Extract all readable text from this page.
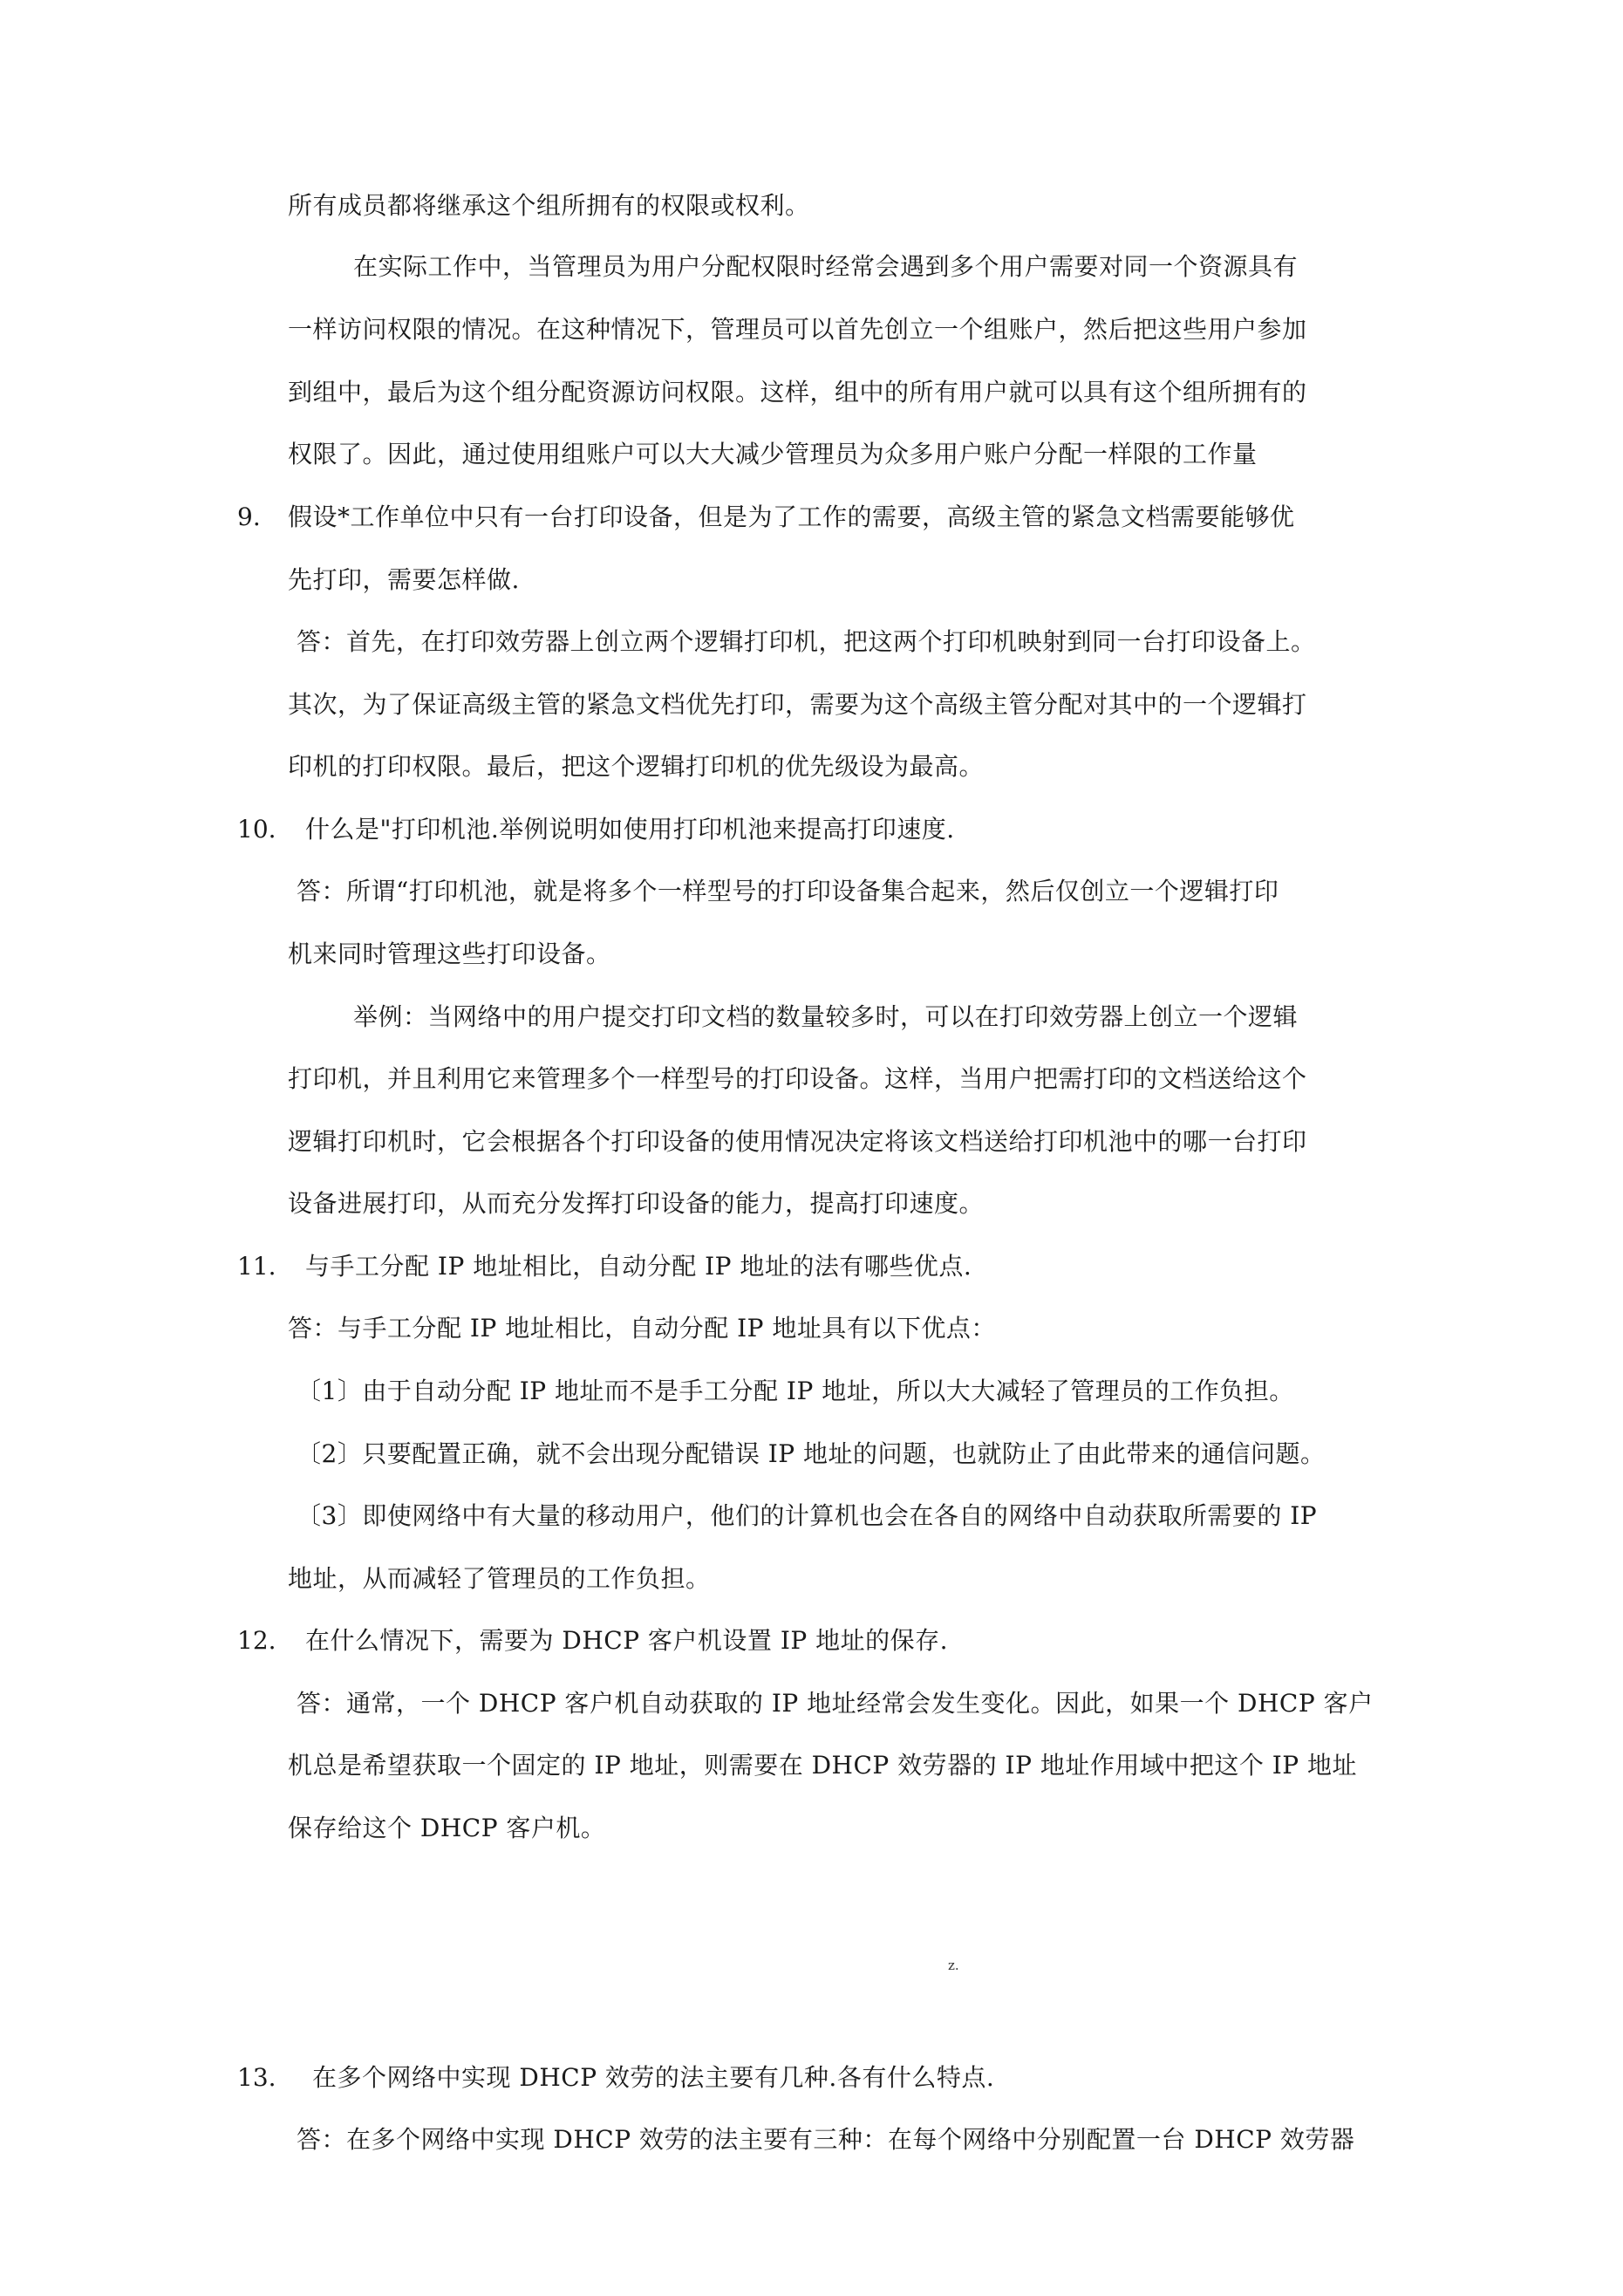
所有成员都将继承这个组所拥有的权限或权利。
在实际工作中，当管理员为用户分配权限时经常会遇到多个用户需要对同一个资源具有
一样访问权限的情况。在这种情况下，管理员可以首先创立一个组账户，然后把这些用户参加
到组中，最后为这个组分配资源访问权限。这样，组中的所有用户就可以具有这个组所拥有的
权限了。因此，通过使用组账户可以大大减少管理员为众多用户账户分配一样限的工作量
9. 假设*工作单位中只有一台打印设备，但是为了工作的需要，高级主管的紧急文档需要能够优
先打印，需要怎样做.
答：首先，在打印效劳器上创立两个逻辑打印机，把这两个打印机映射到同一台打印设备上。
其次，为了保证高级主管的紧急文档优先打印，需要为这个高级主管分配对其中的一个逻辑打
印机的打印权限。最后，把这个逻辑打印机的优先级设为最高。
10. 什么是"打印机池.举例说明如使用打印机池来提高打印速度.
答：所谓“打印机池，就是将多个一样型号的打印设备集合起来，然后仅创立一个逻辑打印
机来同时管理这些打印设备。
举例：当网络中的用户提交打印文档的数量较多时，可以在打印效劳器上创立一个逻辑
打印机，并且利用它来管理多个一样型号的打印设备。这样，当用户把需打印的文档送给这个
逻辑打印机时，它会根据各个打印设备的使用情况决定将该文档送给打印机池中的哪一台打印
设备进展打印，从而充分发挥打印设备的能力，提高打印速度。
11. 与手工分配 IP 地址相比，自动分配 IP 地址的法有哪些优点.
答：与手工分配 IP 地址相比，自动分配 IP 地址具有以下优点：
〔1〕由于自动分配 IP 地址而不是手工分配 IP 地址，所以大大减轻了管理员的工作负担。
〔2〕只要配置正确，就不会出现分配错误 IP 地址的问题，也就防止了由此带来的通信问题。
〔3〕即使网络中有大量的移动用户，他们的计算机也会在各自的网络中自动获取所需要的 IP
地址，从而减轻了管理员的工作负担。
12. 在什么情况下，需要为 DHCP 客户机设置 IP 地址的保存.
答：通常，一个 DHCP 客户机自动获取的 IP 地址经常会发生变化。因此，如果一个 DHCP 客户
机总是希望获取一个固定的 IP 地址，则需要在 DHCP 效劳器的 IP 地址作用域中把这个 IP 地址
保存给这个 DHCP 客户机。
z.
13. 在多个网络中实现 DHCP 效劳的法主要有几种.各有什么特点.
答：在多个网络中实现 DHCP 效劳的法主要有三种：在每个网络中分别配置一台 DHCP 效劳器
